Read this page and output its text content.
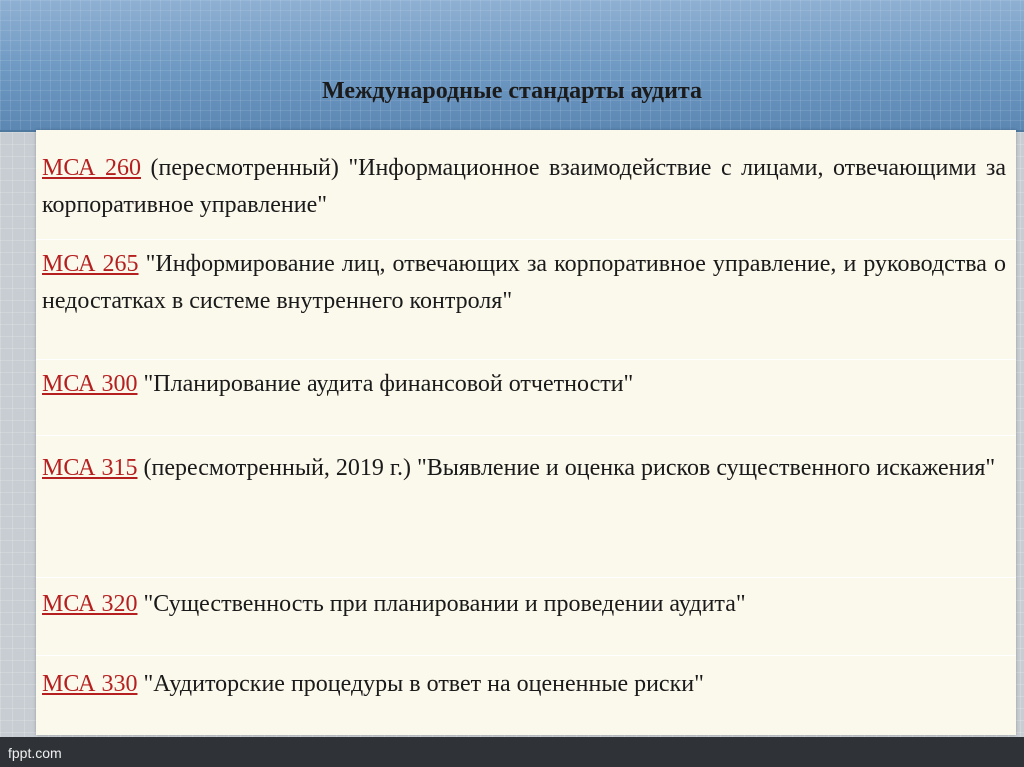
Международные стандарты аудита

МСА 260 (пересмотренный) "Информационное взаимодействие с лицами, отвечающими за корпоративное управление"

МСА 265 "Информирование лиц, отвечающих за корпоративное управление, и руководства о недостатках в системе внутреннего контроля"

МСА 300 "Планирование аудита финансовой отчетности"

МСА 315 (пересмотренный, 2019 г.) "Выявление и оценка рисков существенного искажения"

МСА 320 "Существенность при планировании и проведении аудита"

МСА 330 "Аудиторские процедуры в ответ на оцененные риски"

fppt.com
